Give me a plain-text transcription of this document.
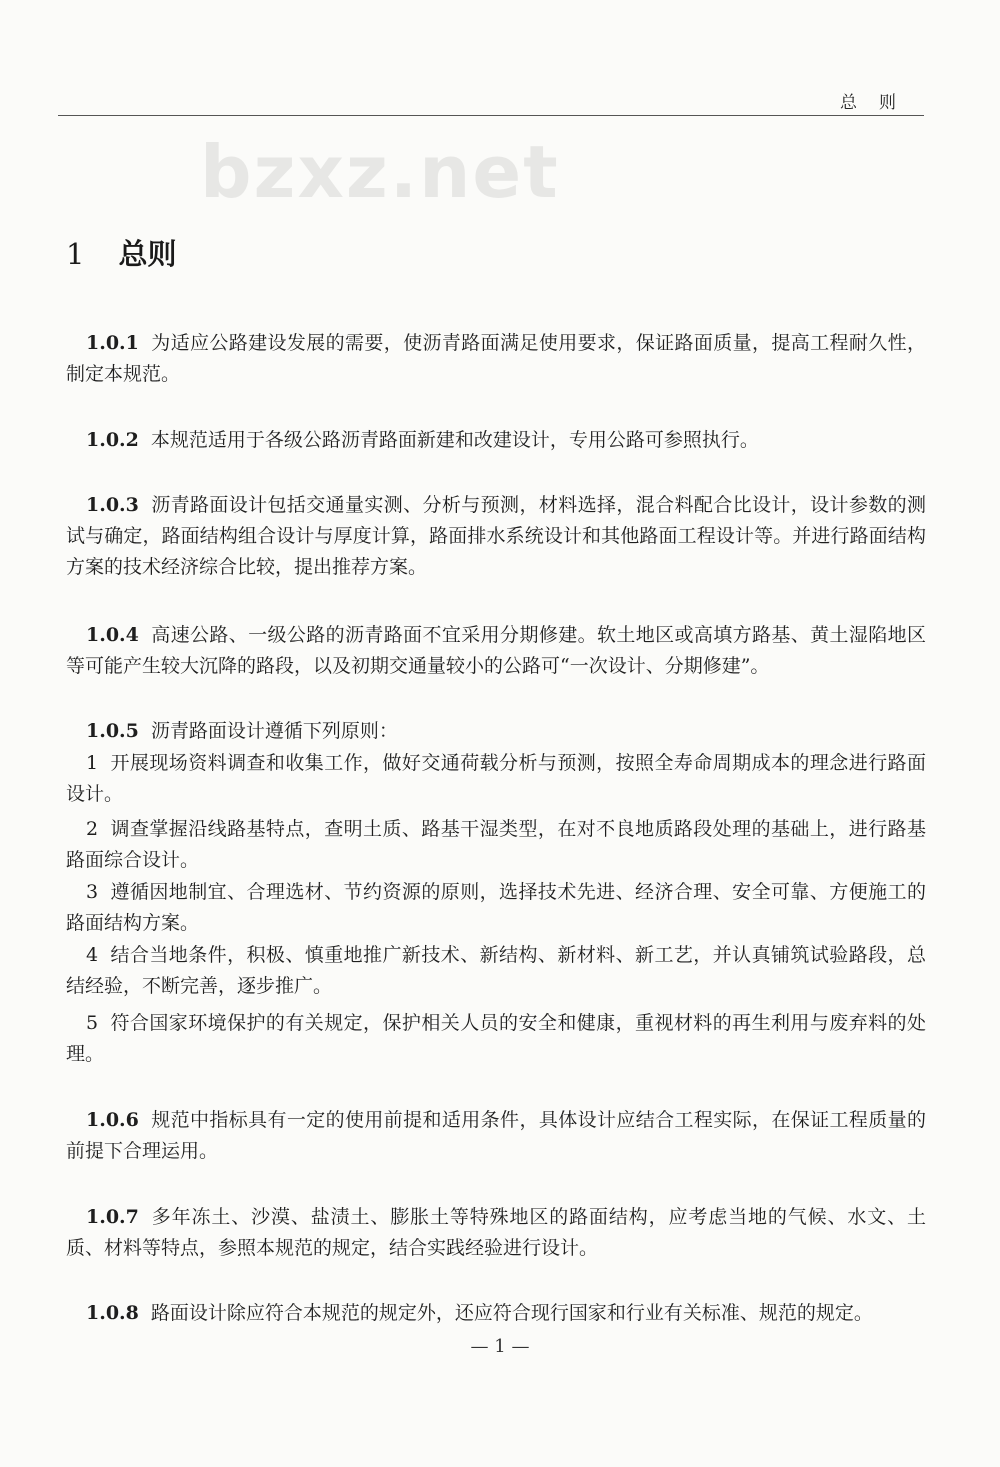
总则
bzxz.net
1 总则
1.0.1 为适应公路建设发展的需要，使沥青路面满足使用要求，保证路面质量，提高工程耐久性，制定本规范。
1.0.2 本规范适用于各级公路沥青路面新建和改建设计，专用公路可参照执行。
1.0.3 沥青路面设计包括交通量实测、分析与预测，材料选择，混合料配合比设计，设计参数的测试与确定，路面结构组合设计与厚度计算，路面排水系统设计和其他路面工程设计等。并进行路面结构方案的技术经济综合比较，提出推荐方案。
1.0.4 高速公路、一级公路的沥青路面不宜采用分期修建。软土地区或高填方路基、黄土湿陷地区等可能产生较大沉降的路段，以及初期交通量较小的公路可“一次设计、分期修建”。
1.0.5 沥青路面设计遵循下列原则：
1 开展现场资料调查和收集工作，做好交通荷载分析与预测，按照全寿命周期成本的理念进行路面设计。
2 调查掌握沿线路基特点，查明土质、路基干湿类型，在对不良地质路段处理的基础上，进行路基路面综合设计。
3 遵循因地制宜、合理选材、节约资源的原则，选择技术先进、经济合理、安全可靠、方便施工的路面结构方案。
4 结合当地条件，积极、慎重地推广新技术、新结构、新材料、新工艺，并认真铺筑试验路段，总结经验，不断完善，逐步推广。
5 符合国家环境保护的有关规定，保护相关人员的安全和健康，重视材料的再生利用与废弃料的处理。
1.0.6 规范中指标具有一定的使用前提和适用条件，具体设计应结合工程实际，在保证工程质量的前提下合理运用。
1.0.7 多年冻土、沙漠、盐渍土、膨胀土等特殊地区的路面结构，应考虑当地的气候、水文、土质、材料等特点，参照本规范的规定，结合实践经验进行设计。
1.0.8 路面设计除应符合本规范的规定外，还应符合现行国家和行业有关标准、规范的规定。
— 1 —
